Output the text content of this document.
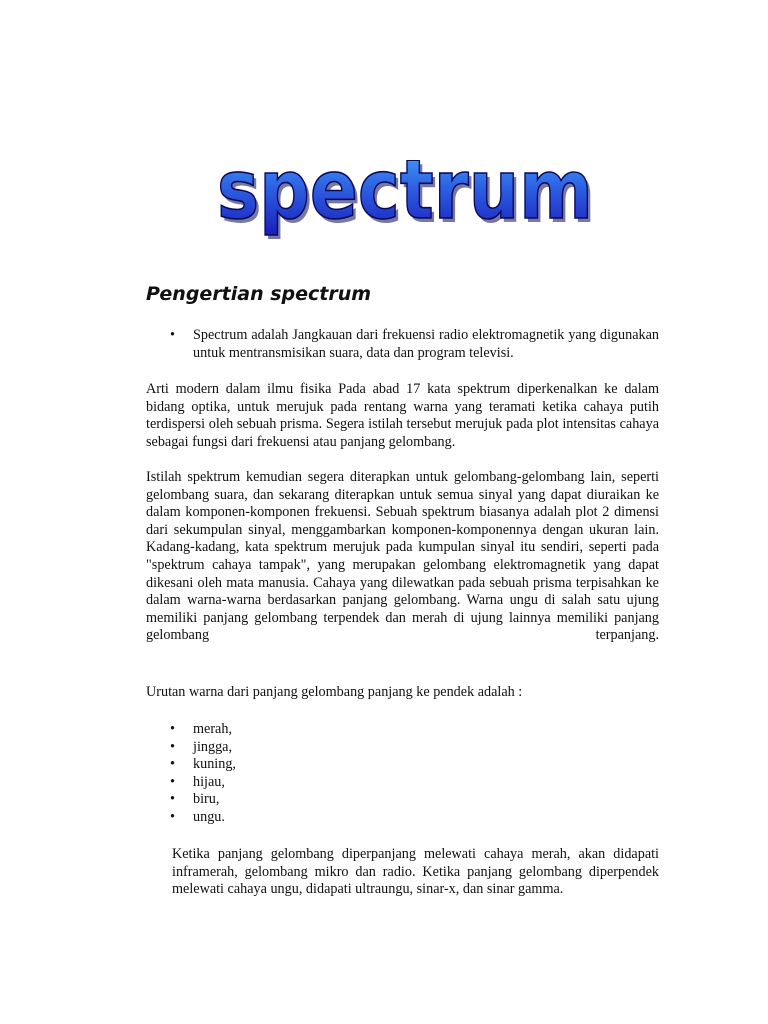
spectrum
spectrum
Pengertian spectrum
• Spectrum adalah Jangkauan dari frekuensi radio elektromagnetik yang digunakan untuk mentransmisikan suara, data dan program televisi.

Arti modern dalam ilmu fisika Pada abad 17 kata spektrum diperkenalkan ke dalam bidang optika, untuk merujuk pada rentang warna yang teramati ketika cahaya putih terdispersi oleh sebuah prisma. Segera istilah tersebut merujuk pada plot intensitas cahaya sebagai fungsi dari frekuensi atau panjang gelombang.

Istilah spektrum kemudian segera diterapkan untuk gelombang-gelombang lain, seperti gelombang suara, dan sekarang diterapkan untuk semua sinyal yang dapat diuraikan ke dalam komponen-komponen frekuensi. Sebuah spektrum biasanya adalah plot 2 dimensi dari sekumpulan sinyal, menggambarkan komponen-komponennya dengan ukuran lain. Kadang-kadang, kata spektrum merujuk pada kumpulan sinyal itu sendiri, seperti pada "spektrum cahaya tampak", yang merupakan gelombang elektromagnetik yang dapat dikesani oleh mata manusia. Cahaya yang dilewatkan pada sebuah prisma terpisahkan ke dalam warna-warna berdasarkan panjang gelombang. Warna ungu di salah satu ujung memiliki panjang gelombang terpendek dan merah di ujung lainnya memiliki panjang gelombang terpanjang.

Urutan warna dari panjang gelombang panjang ke pendek adalah :

• merah,
• jingga,
• kuning,
• hijau,
• biru,
• ungu.

Ketika panjang gelombang diperpanjang melewati cahaya merah, akan didapati inframerah, gelombang mikro dan radio. Ketika panjang gelombang diperpendek melewati cahaya ungu, didapati ultraungu, sinar-x, dan sinar gamma.
